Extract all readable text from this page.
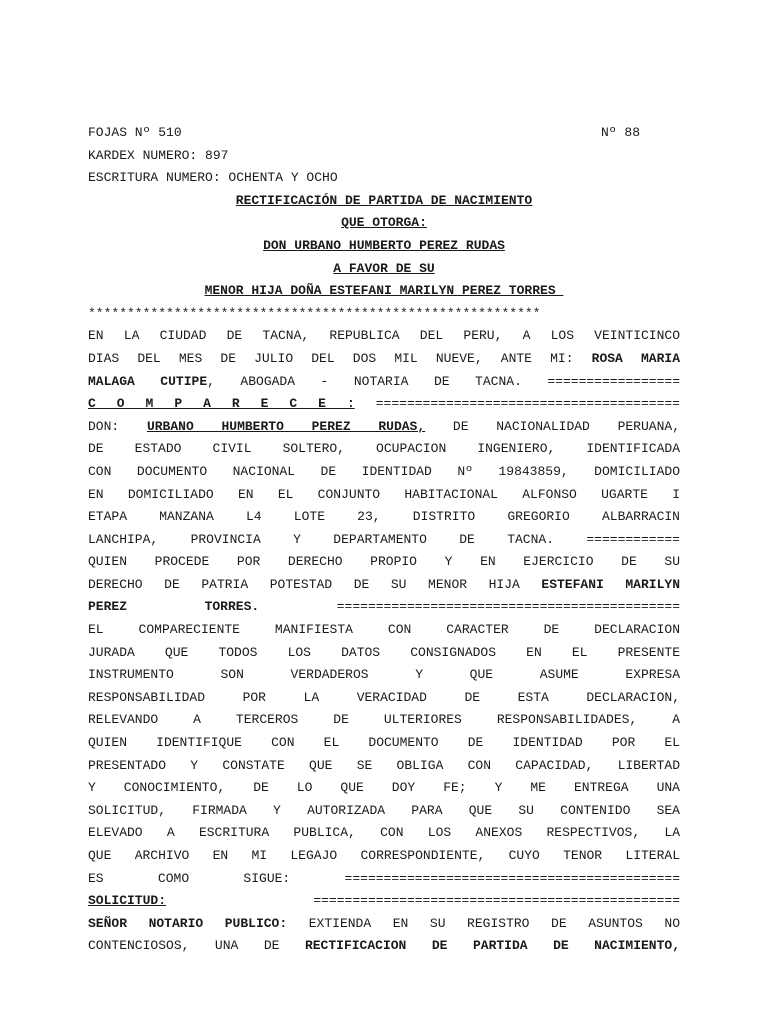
FOJAS Nº 510	Nº 88
KARDEX NUMERO: 897
ESCRITURA NUMERO: OCHENTA Y OCHO
RECTIFICACIÓN DE PARTIDA DE NACIMIENTO
QUE OTORGA:
DON URBANO HUMBERTO PEREZ RUDAS
A FAVOR DE SU
MENOR HIJA DOÑA ESTEFANI MARILYN PEREZ TORRES
**********************************************************
EN LA CIUDAD DE TACNA, REPUBLICA DEL PERU, A LOS VEINTICINCO
DIAS DEL MES DE JULIO DEL DOS MIL NUEVE, ANTE MI: ROSA MARIA
MALAGA CUTIPE, ABOGADA - NOTARIA DE TACNA. =================
C O M P A R E C E : =======================================
DON: URBANO HUMBERTO PEREZ RUDAS, DE NACIONALIDAD PERUANA,
DE ESTADO CIVIL SOLTERO, OCUPACION INGENIERO, IDENTIFICADA
CON DOCUMENTO NACIONAL DE IDENTIDAD Nº 19843859, DOMICILIADO
EN DOMICILIADO EN EL CONJUNTO HABITACIONAL ALFONSO UGARTE I
ETAPA MANZANA L4 LOTE 23, DISTRITO GREGORIO ALBARRACIN
LANCHIPA, PROVINCIA Y DEPARTAMENTO DE TACNA. ============
QUIEN PROCEDE POR DERECHO PROPIO Y EN EJERCICIO DE SU
DERECHO DE PATRIA POTESTAD DE SU MENOR HIJA ESTEFANI MARILYN
PEREZ TORRES. ============================================
EL COMPARECIENTE MANIFIESTA CON CARACTER DE DECLARACION
JURADA QUE TODOS LOS DATOS CONSIGNADOS EN EL PRESENTE
INSTRUMENTO SON VERDADEROS Y QUE ASUME EXPRESA
RESPONSABILIDAD POR LA VERACIDAD DE ESTA DECLARACION,
RELEVANDO A TERCEROS DE ULTERIORES RESPONSABILIDADES, A
QUIEN IDENTIFIQUE CON EL DOCUMENTO DE IDENTIDAD POR EL
PRESENTADO Y CONSTATE QUE SE OBLIGA CON CAPACIDAD, LIBERTAD
Y CONOCIMIENTO, DE LO QUE DOY FE; Y ME ENTREGA UNA
SOLICITUD, FIRMADA Y AUTORIZADA PARA QUE SU CONTENIDO SEA
ELEVADO A ESCRITURA PUBLICA, CON LOS ANEXOS RESPECTIVOS, LA
QUE ARCHIVO EN MI LEGAJO CORRESPONDIENTE, CUYO TENOR LITERAL
ES COMO SIGUE: ===========================================
SOLICITUD: ===============================================
SEÑOR NOTARIO PUBLICO: EXTIENDA EN SU REGISTRO DE ASUNTOS NO
CONTENCIOSOS, UNA DE RECTIFICACION DE PARTIDA DE NACIMIENTO,
